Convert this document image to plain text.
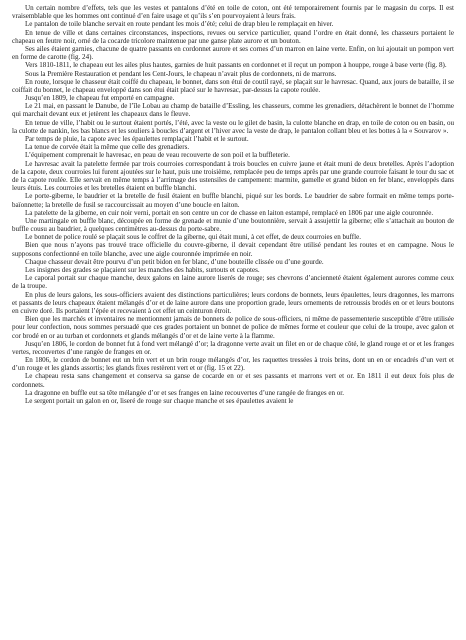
Un certain nombre d’effets, tels que les vestes et pantalons d’été en toile de coton, ont été temporairement fournis par le magasin du corps. Il est vraisemblable que les hommes ont continué d’en faire usage et qu’ils s’en pourvoyaient à leurs frais.

Le pantalon de toile blanche servait en route pendant les mois d’été; celui de drap bleu le remplaçait en hiver.

En tenue de ville et dans certaines circonstances, inspections, revues ou service particulier, quand l’ordre en était donné, les chasseurs portaient le chapeau en feutre noir, orné de la cocarde tricolore maintenue par une ganse plate aurore et un bouton.

Ses ailes étaient garnies, chacune de quatre passants en cordonnet aurore et ses cornes d’un marron en laine verte. Enfin, on lui ajoutait un pompon vert en forme de carotte (fig. 24).

Vers 1810-1811, le chapeau eut les ailes plus hautes, garnies de huit passants en cordonnet et il reçut un pompon à houppe, rouge à base verte (fig. 8).

Sous la Première Restauration et pendant les Cent-Jours, le chapeau n’avait plus de cordonnets, ni de marrons.

En route, lorsque le chasseur était coiffé du chapeau, le bonnet, dans son étui de coutil rayé, se plaçait sur le havresac. Quand, aux jours de bataille, il se coiffait du bonnet, le chapeau enveloppé dans son étui était placé sur le havresac, par-dessus la capote roulée.

Jusqu’en 1809, le chapeau fut emporté en campagne.

Le 21 mai, en passant le Danube, de l’île Lobau au champ de bataille d’Essling, les chasseurs, comme les grenadiers, détachèrent le bonnet de l’homme qui marchait devant eux et jetèrent les chapeaux dans le fleuve.

En tenue de ville, l’habit ou le surtout étaient portés, l’été, avec la veste ou le gilet de basin, la culotte blanche en drap, en toile de coton ou en basin, ou la culotte de nankin, les bas blancs et les souliers à boucles d’argent et l’hiver avec la veste de drap, le pantalon collant bleu et les bottes à la « Souvarov ».

Par temps de pluie, la capote avec les épaulettes remplaçait l’habit et le surtout.

La tenue de corvée était la même que celle des grenadiers.

L’équipement comprenait le havresac, en peau de veau recouverte de son poil et la buffleterie.

Le havresac avait la patelette fermée par trois courroies correspondant à trois boucles en cuivre jaune et était muni de deux bretelles. Après l’adoption de la capote, deux courroies lui furent ajoutées sur le haut, puis une troisième, remplacée peu de temps après par une grande courroie faisant le tour du sac et de la capote roulée. Elle servait en même temps à l’arrimage des ustensiles de campement: marmite, gamelle et grand bidon en fer blanc, enveloppés dans leurs étuis. Les courroies et les bretelles étaient en buffle blanchi.

Le porte-giberne, le baudrier et la bretelle de fusil étaient en buffle blanchi, piqué sur les bords. Le baudrier de sabre formait en même temps porte-baïonnette; la bretelle de fusil se raccourcissait au moyen d’une boucle en laiton.

La patelette de la giberne, en cuir noir verni, portait en son centre un cor de chasse en laiton estampé, remplacé en 1806 par une aigle couronnée.

Une martingale en buffle blanc, découpée en forme de grenade et munie d’une boutonnière, servait à assujettir la giberne; elle s’attachait au bouton de buffle cousu au baudrier, à quelques centimètres au-dessus du porte-sabre.

Le bonnet de police roulé se plaçait sous le coffret de la giberne, qui était muni, à cet effet, de deux courroies en buffle.

Bien que nous n’ayons pas trouvé trace officielle du couvre-giberne, il devait cependant être utilisé pendant les routes et en campagne. Nous le supposons confectionné en toile blanche, avec une aigle couronnée imprimée en noir.

Chaque chasseur devait être pourvu d’un petit bidon en fer blanc, d’une bouteille clissée ou d’une gourde.

Les insignes des grades se plaçaient sur les manches des habits, surtouts et capotes.

Le caporal portait sur chaque manche, deux galons en laine aurore liserés de rouge; ses chevrons d’ancienneté étaient également aurores comme ceux de la troupe.

En plus de leurs galons, les sous-officiers avaient des distinctions particulières; leurs cordons de bonnets, leurs épaulettes, leurs dragonnes, les marrons et passants de leurs chapeaux étaient mélangés d’or et de laine aurore dans une proportion grade, leurs ornements de retroussis brodés en or et leurs boutons en cuivre doré. Ils portaient l’épée et recevaient à cet effet un ceinturon étroit.

Bien que les marchés et inventaires ne mentionnent jamais de bonnets de police de sous-officiers, ni même de passementerie susceptible d’être utilisée pour leur confection, nous sommes persuadé que ces grades portaient un bonnet de police de mêmes forme et couleur que celui de la troupe, avec galon et cor brodé en or au turban et cordonnets et glands mélangés d’or et de laine verte à la flamme.

Jusqu’en 1806, le cordon de bonnet fut à fond vert mélangé d’or; la dragonne verte avait un filet en or de chaque côté, le gland rouge et or et les franges vertes, recouvertes d’une rangée de franges en or.

En 1806, le cordon de bonnet eut un brin vert et un brin rouge mélangés d’or, les raquettes tressées à trois brins, dont un en or encadrés d’un vert et d’un rouge et les glands assortis; les glands fixes restèrent vert et or (fig. 15 et 22).

Le chapeau resta sans changement et conserva sa ganse de cocarde en or et ses passants et marrons vert et or. En 1811 il eut deux fois plus de cordonnets.

La dragonne en buffle eut sa tête mélangée d’or et ses franges en laine recouvertes d’une rangée de franges en or.

Le sergent portait un galon en or, liseré de rouge sur chaque manche et ses épaulettes avaient le
